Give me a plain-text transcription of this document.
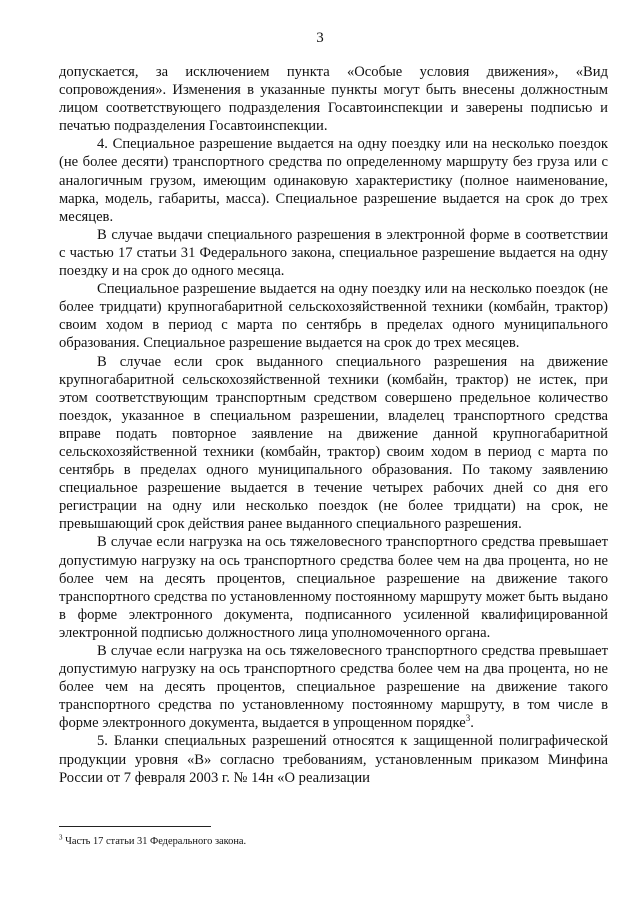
3

допускается, за исключением пункта «Особые условия движения», «Вид сопровождения». Изменения в указанные пункты могут быть внесены должностным лицом соответствующего подразделения Госавтоинспекции и заверены подписью и печатью подразделения Госавтоинспекции.

4. Специальное разрешение выдается на одну поездку или на несколько поездок (не более десяти) транспортного средства по определенному маршруту без груза или с аналогичным грузом, имеющим одинаковую характеристику (полное наименование, марка, модель, габариты, масса). Специальное разрешение выдается на срок до трех месяцев.

В случае выдачи специального разрешения в электронной форме в соответствии с частью 17 статьи 31 Федерального закона, специальное разрешение выдается на одну поездку и на срок до одного месяца.

Специальное разрешение выдается на одну поездку или на несколько поездок (не более тридцати) крупногабаритной сельскохозяйственной техники (комбайн, трактор) своим ходом в период с марта по сентябрь в пределах одного муниципального образования. Специальное разрешение выдается на срок до трех месяцев.

В случае если срок выданного специального разрешения на движение крупногабаритной сельскохозяйственной техники (комбайн, трактор) не истек, при этом соответствующим транспортным средством совершено предельное количество поездок, указанное в специальном разрешении, владелец транспортного средства вправе подать повторное заявление на движение данной крупногабаритной сельскохозяйственной техники (комбайн, трактор) своим ходом в период с марта по сентябрь в пределах одного муниципального образования. По такому заявлению специальное разрешение выдается в течение четырех рабочих дней со дня его регистрации на одну или несколько поездок (не более тридцати) на срок, не превышающий срок действия ранее выданного специального разрешения.

В случае если нагрузка на ось тяжеловесного транспортного средства превышает допустимую нагрузку на ось транспортного средства более чем на два процента, но не более чем на десять процентов, специальное разрешение на движение такого транспортного средства по установленному постоянному маршруту может быть выдано в форме электронного документа, подписанного усиленной квалифицированной электронной подписью должностного лица уполномоченного органа.

В случае если нагрузка на ось тяжеловесного транспортного средства превышает допустимую нагрузку на ось транспортного средства более чем на два процента, но не более чем на десять процентов, специальное разрешение на движение такого транспортного средства по установленному постоянному маршруту, в том числе в форме электронного документа, выдается в упрощенном порядке$^3$.

5. Бланки специальных разрешений относятся к защищенной полиграфической продукции уровня «В» согласно требованиям, установленным приказом Минфина России от 7 февраля 2003 г. № 14н «О реализации

$^3$ Часть 17 статьи 31 Федерального закона.
